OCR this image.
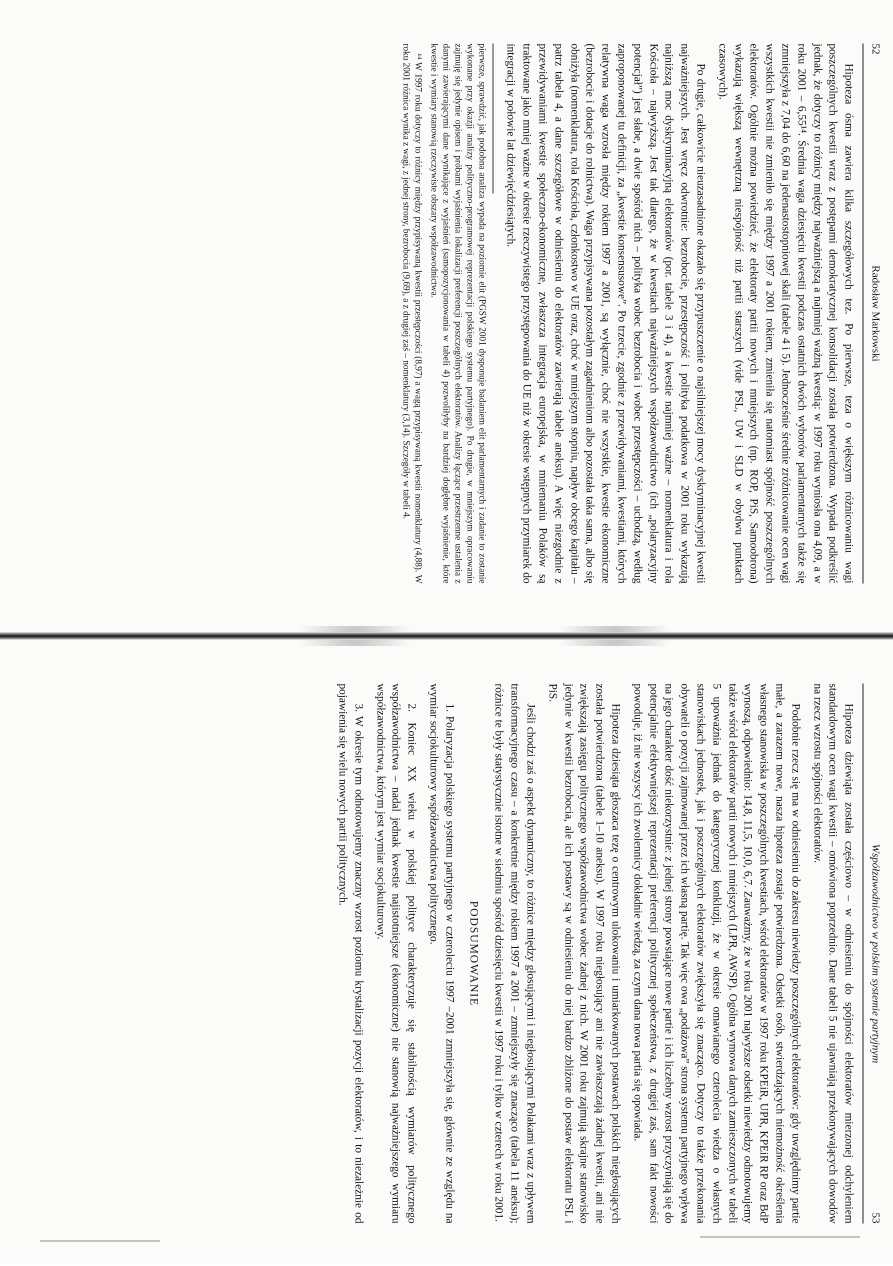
52
Radosław Markowski

Hipoteza ósma zawiera kilka szczegółowych tez. Po pierwsze, teza o większym różnicowaniu wagi poszczególnych kwestii wraz z postępami demokratycznej konsolidacji została potwierdzona. Wypada podkreślić jednak, że dotyczy to różnicy między najważniejszą a najmniej ważną kwestią: w 1997 roku wyniosła ona 4,09, a w roku 2001 – 6,55¹⁴. Średnia waga dziesięciu kwestii podczas ostatnich dwóch wyborów parlamentarnych także się zmniejszyła z 7,04 do 6,60 na jedenastostopniowej skali (tabele 4 i 5). Jednocześnie średnie zróżnicowanie ocen wagi wszystkich kwestii nie zmieniło się między 1997 a 2001 rokiem, zmieniła się natomiast spójność poszczególnych elektoratów. Ogólnie można powiedzieć, że elektoraty partii nowych i mniejszych (np. ROP, PiS, Samoobrona) wykazują większą wewnętrzną niespójność niż partii starszych (vide PSL, UW i SLD w obydwu punktach czasowych).

Po drugie, całkowicie nieuzasadnione okazało się przypuszczenie o najsilniejszej mocy dyskryminacyjnej kwestii najważniejszych. Jest wręcz odwrotnie: bezrobocie, przestępczość i polityka podatkowa w 2001 roku wykazują najniższą moc dyskryminacyjną elektoratów (por. tabele 3 i 4), a kwestie najmniej ważne – nomenklatura i rola Kościoła – najwyższą. Jest tak dlatego, że w kwestiach najważniejszych współzawodnictwo (ich „polaryzacyjny potencjał”) jest słabe, a dwie spośród nich – polityka wobec bezrobocia i wobec przestępczości – uchodzą, według zaproponowanej tu definicji, za „kwestie konsensusowe”. Po trzecie, zgodnie z przewidywaniami, kwestiami, których relatywna waga wzrosła między rokiem 1997 a 2001, są wyłącznie, choć nie wszystkie, kwestie ekonomiczne (bezrobocie i dotacje do rolnictwa). Waga przypisywana pozostałym zagadnieniom albo pozostała taka sama, albo się obniżyła (nomenklatura, rola Kościoła, członkostwo w UE oraz, choć w mniejszym stopniu, napływ obcego kapitału – patrz tabela 4, a dane szczegółowe w odniesieniu do elektoratów zawierają tabele aneksu). A więc niezgodnie z przewidywaniami kwestie społeczno-ekonomiczne, zwłaszcza integracja europejska, w mniemaniu Polaków są traktowane jako mniej ważne w okresie rzeczywistego przystępowania do UE niż w okresie wstępnych przymiarek do integracji w połowie lat dziewięćdziesiątych.

pierwsze, sprawdzić, jak podobna analiza wypada na poziomie elit (PGSW 2001 dysponuje badaniem elit parlamentarnych i zadanie to zostanie wykonane przy okazji analizy polityczno-programowej reprezentacji polskiego systemu partyjnego). Po drugie, w mniejszym opracowaniu zajmuję się jedynie opisem i próbami wyjaśnienia lokalizacji preferencji poszczególnych elektoratów. Analizy łączące przestrzenne ustalenia z danymi zawierającymi dane wynikające z wyjaśnień (samopozycjonowania w tabeli 4) pozwoliłyby na bardziej dogłębne wyjaśnienie, które kwestie i wymiary stanowią rzeczywiste obszary współzawodnictwa.

¹⁴ W 1997 roku dotyczy to różnicy między przypisywaną kwestii przestępczości (8,97) a wagą przypisywaną kwestii nomenklatury (4,88). W roku 2001 różnica wynika z wagi, z jednej strony, bezrobocia (9,69), a z drugiej zaś – nomenklatury (3,14). Szczegóły w tabeli 4.

Współzawodnictwo w polskim systemie partyjnym
53

Hipoteza dziewiąta została częściowo – w odniesieniu do spójności elektoratów mierzonej odchyleniem standardowym ocen wagi kwestii – omówiona poprzednio. Dane tabeli 5 nie ujawniają przekonywających dowodów na rzecz wzrostu spójności elektoratów.

Podobnie rzecz się ma w odniesieniu do zakresu niewiedzy poszczególnych elektoratów: gdy uwzględnimy partie małe, a zarazem nowe, nasza hipoteza zostaje potwierdzona. Odsetki osób, stwierdzających niemożność określenia własnego stanowiska w poszczególnych kwestiach, wśród elektoratów w 1997 roku KPEiR, UPR, KPEiR RP oraz BdP wynoszą, odpowiednio: 14,8, 11,5, 10,0, 6,7. Zauważmy, że w roku 2001 najwyższe odsetki niewiedzy odnotowujemy także wśród elektoratów partii nowych i mniejszych (LPR, AWSP). Ogólna wymowa danych zamieszczonych w tabeli 5 upoważnia jednak do kategorycznej konkluzji, że w okresie omawianego czterolecia wiedza o własnych stanowiskach jednostek, jak i poszczególnych elektoratów zwiększyła się znacząco. Dotyczy to także przekonania obywateli o pozycji zajmowanej przez ich własną partię. Tak więc owa „podażowa” strona systemu partyjnego wpływa na jego charakter dość niekorzystnie: z jednej strony powstające nowe partie i ich liczebny wzrost przyczyniają się do potencjalnie efektywniejszej reprezentacji preferencji politycznej społeczeństwa, z drugiej zaś, sam fakt nowości powoduje, iż nie wszyscy ich zwolennicy dokładnie wiedzą, za czym dana nowa partia się opowiada.

Hipoteza dziesiąta głoszaca tezę o centrowym ulokowaniu i umiarkowanych postawach polskich niegłosujących została potwierdzona (tabele 1–10 aneksu). W 1997 roku niegłosujący ani nie zawłaszczają żadnej kwestii, ani nie zwiększają zasięgu politycznego współzawodnictwa wobec żadnej z nich. W 2001 roku zajmują skrajne stanowisko jedynie w kwestii bezrobocia, ale ich postawy są w odniesieniu do niej bardzo zbliżone do postaw elektoratu PSL i PiS.

Jeśli chodzi zaś o aspekt dynamiczny, to różnice między głosującymi i niegłosującymi Polakami wraz z upływem transformacyjnego czasu – a konkretnie między rokiem 1997 a 2001 – zmniejszyły się znacząco (tabela 11 aneksu); różnice te były statystycznie istotne w siedmiu spośród dziesięciu kwestii w 1997 roku i tylko w czterech w roku 2001.

PODSUMOWANIE

1. Polaryzacja polskiego systemu partyjnego w czteroleciu 1997 –2001 zmniejszyła się, głównie ze względu na wymiar socjokulturowy współzawodnictwa politycznego.

2. Koniec XX wieku w polskiej polityce charakteryzuje się stabilnością wymiarów politycznego współzawodnictwa – nadal jednak kwestie najistotniejsze (ekonomiczne) nie stanowią najważniejszego wymiaru współzawodnictwa, którym jest wymiar socjokulturowy.

3. W okresie tym odnotowujemy znaczny wzrost poziomu krystalizacji pozycji elektoratów, i to niezależnie od pojawienia się wielu nowych partii politycznych.
